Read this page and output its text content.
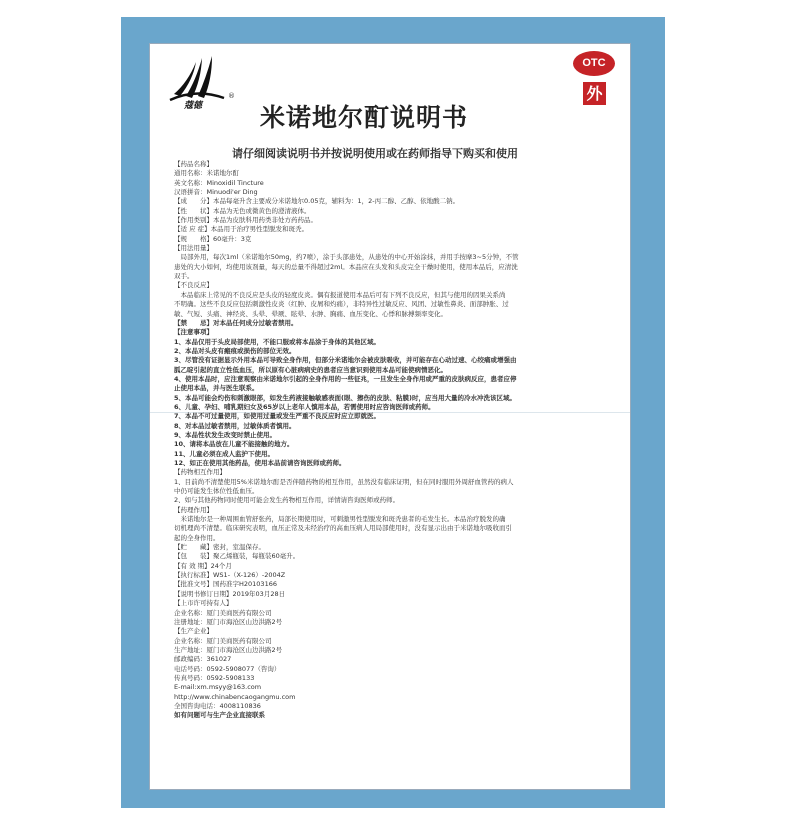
蔻德
®
OTC
外
米诺地尔酊说明书
请仔细阅读说明书并按说明使用或在药师指导下购买和使用
【药品名称】
通用名称：米诺地尔酊
英文名称：Minoxidil Tincture
汉语拼音：Minuodi'er Ding
【成　　分】本品每毫升含主要成分米诺地尔0.05克，辅料为：1，2-丙二醇、乙醇、依地酸二钠。
【性　　状】本品为无色或微黄色的澄清液体。
【作用类别】本品为皮肤科用药类非处方药药品。
【适 应 症】本品用于治疗男性型脱发和斑秃。
【规　　格】60毫升：3克
【用法用量】
　局部外用，每次1ml（米诺地尔50mg，约7喷），涂于头部患处，从患处的中心开始涂抹，并用手按摩3~5分钟，不管
患处的大小如何，均使用该剂量，每天的总量不得超过2ml。本品应在头发和头皮完全干燥时使用，使用本品后，应清洗
双手。
【不良反应】
　本品临床上常见的不良反应是头皮的轻度皮炎。偶有报道使用本品后可有下列不良反应，但其与使用的因果关系尚
不明确。这些不良反应包括刺激性皮炎（红肿、皮屑和灼痛），非特异性过敏反应、风团、过敏性鼻炎、面部肿胀、过
敏、气短、头痛、神经炎、头晕、晕厥、眩晕、水肿、胸痛、血压变化、心悸和脉搏频率变化。
【禁　　忌】对本品任何成分过敏者禁用。
【注意事项】
1、本品仅用于头皮局部使用，不能口服或将本品涂于身体的其他区域。
2、本品对头皮有瘢痕或损伤的部位无效。
3、尽管没有证据显示外用本品可导致全身作用，但部分米诺地尔会被皮肤吸收，并可能存在心动过速、心绞痛或增强由
胍乙啶引起的直立性低血压，所以原有心脏病病史的患者应当意识到使用本品可能使病情恶化。
4、使用本品时，应注意观察由米诺地尔引起的全身作用的一些征兆，一旦发生全身作用或严重的皮肤病反应，患者应停
止使用本品，并与医生联系。
5、本品可能会灼伤和刺激眼部，如发生药液接触敏感表面(眼、擦伤的皮肤、粘膜)时，应当用大量的冷水冲洗该区域。
6、儿童、孕妇、哺乳期妇女及65岁以上老年人慎用本品，若需使用时应咨询医师或药师。
7、本品不可过量使用，如使用过量或发生严重不良反应时应立即就医。
8、对本品过敏者禁用，过敏体质者慎用。
9、本品性状发生改变时禁止使用。
10、请将本品放在儿童不能接触的地方。
11、儿童必须在成人监护下使用。
12、如正在使用其他药品，使用本品前请咨询医师或药师。
【药物相互作用】
1、目前尚不清楚使用5%米诺地尔酊是否伴随药物的相互作用，虽然没有临床证明，但在同时服用外周舒血管药的病人
中仍可能发生体位性低血压。
2、如与其他药物同时使用可能会发生药物相互作用，详情请咨询医师或药师。
【药理作用】
　米诺地尔是一种周围血管舒张药，局部长期使用时，可刺激男性型脱发和斑秃患者的毛发生长。本品治疗脱发的确
切机理尚不清楚。临床研究表明，血压正常及未经治疗的高血压病人用局部使用时，没有显示出由于米诺地尔吸收而引
起的全身作用。
【贮　　藏】密封，室温保存。
【包　　装】聚乙烯瓶装，每瓶装60毫升。
【有 效 期】24个月
【执行标准】WS1-（X-126）-2004Z
【批准文号】国药准字H20103166
【说明书修订日期】2019年03月28日
【上市许可持有人】
企业名称：厦门美商医药有限公司
注册地址：厦门市海沧区山边洪路2号
【生产企业】
企业名称：厦门美商医药有限公司
生产地址：厦门市海沧区山边洪路2号
邮政编码：361027
电话号码：0592-5908077（咨询）
传真号码：0592-5908133
E-mail:xm.msyy@163.com
http://www.chinabencaogangmu.com
全国咨询电话：4008110836
如有问题可与生产企业直接联系
